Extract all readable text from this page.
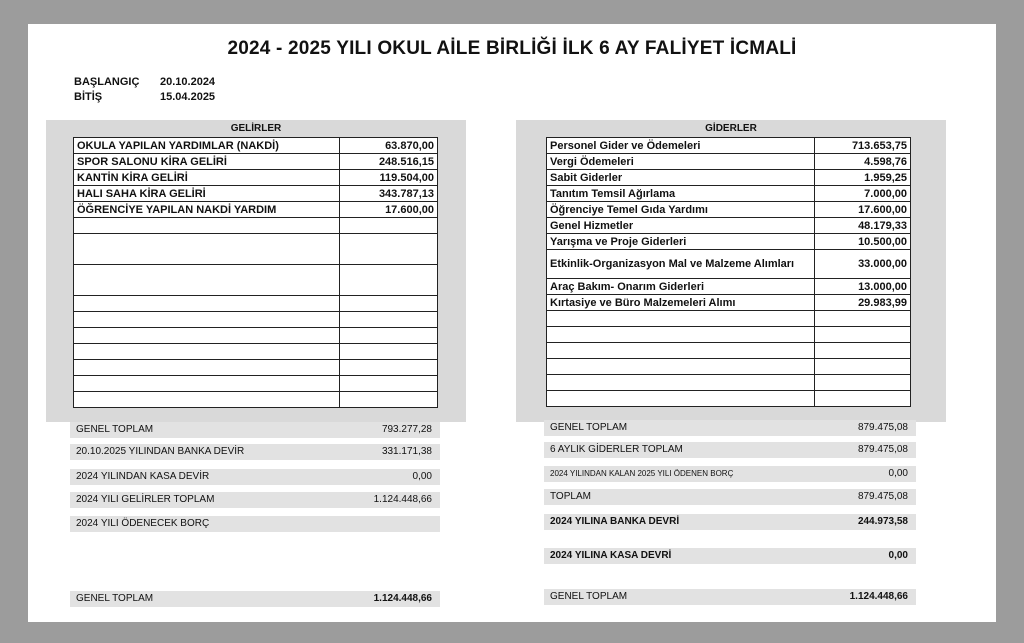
2024 - 2025 YILI OKUL AİLE BİRLİĞİ İLK 6 AY FALİYET İCMALİ
BAŞLANGIÇ	20.10.2024
BİTİŞ	15.04.2025
GELİRLER
OKULA YAPILAN YARDIMLAR (NAKDİ)	63.870,00
SPOR SALONU KİRA GELİRİ	248.516,15
KANTİN KİRA GELİRİ	119.504,00
HALI SAHA KİRA GELİRİ	343.787,13
ÖĞRENCİYE YAPILAN NAKDİ YARDIM	17.600,00

GENEL TOPLAM	793.277,28
20.10.2025 YILINDAN BANKA DEVİR	331.171,38
2024 YILINDAN KASA DEVİR	0,00
2024 YILI GELİRLER TOPLAM	1.124.448,66
2024 YILI ÖDENECEK BORÇ
GENEL TOPLAM	1.124.448,66
GİDERLER
Personel Gider ve Ödemeleri	713.653,75
Vergi Ödemeleri	4.598,76
Sabit Giderler	1.959,25
Tanıtım Temsil Ağırlama	7.000,00
Öğrenciye Temel Gıda Yardımı	17.600,00
Genel Hizmetler	48.179,33
Yarışma ve Proje Giderleri	10.500,00
Etkinlik-Organizasyon Mal ve Malzeme Alımları	33.000,00
Araç Bakım- Onarım Giderleri	13.000,00
Kırtasiye ve Büro Malzemeleri Alımı	29.983,99

GENEL TOPLAM	879.475,08
6 AYLIK GİDERLER TOPLAM	879.475,08
2024 YILINDAN KALAN 2025 YILI ÖDENEN BORÇ	0,00
TOPLAM	879.475,08
2024 YILINA BANKA DEVRİ	244.973,58
2024 YILINA KASA DEVRİ	0,00
GENEL TOPLAM	1.124.448,66
